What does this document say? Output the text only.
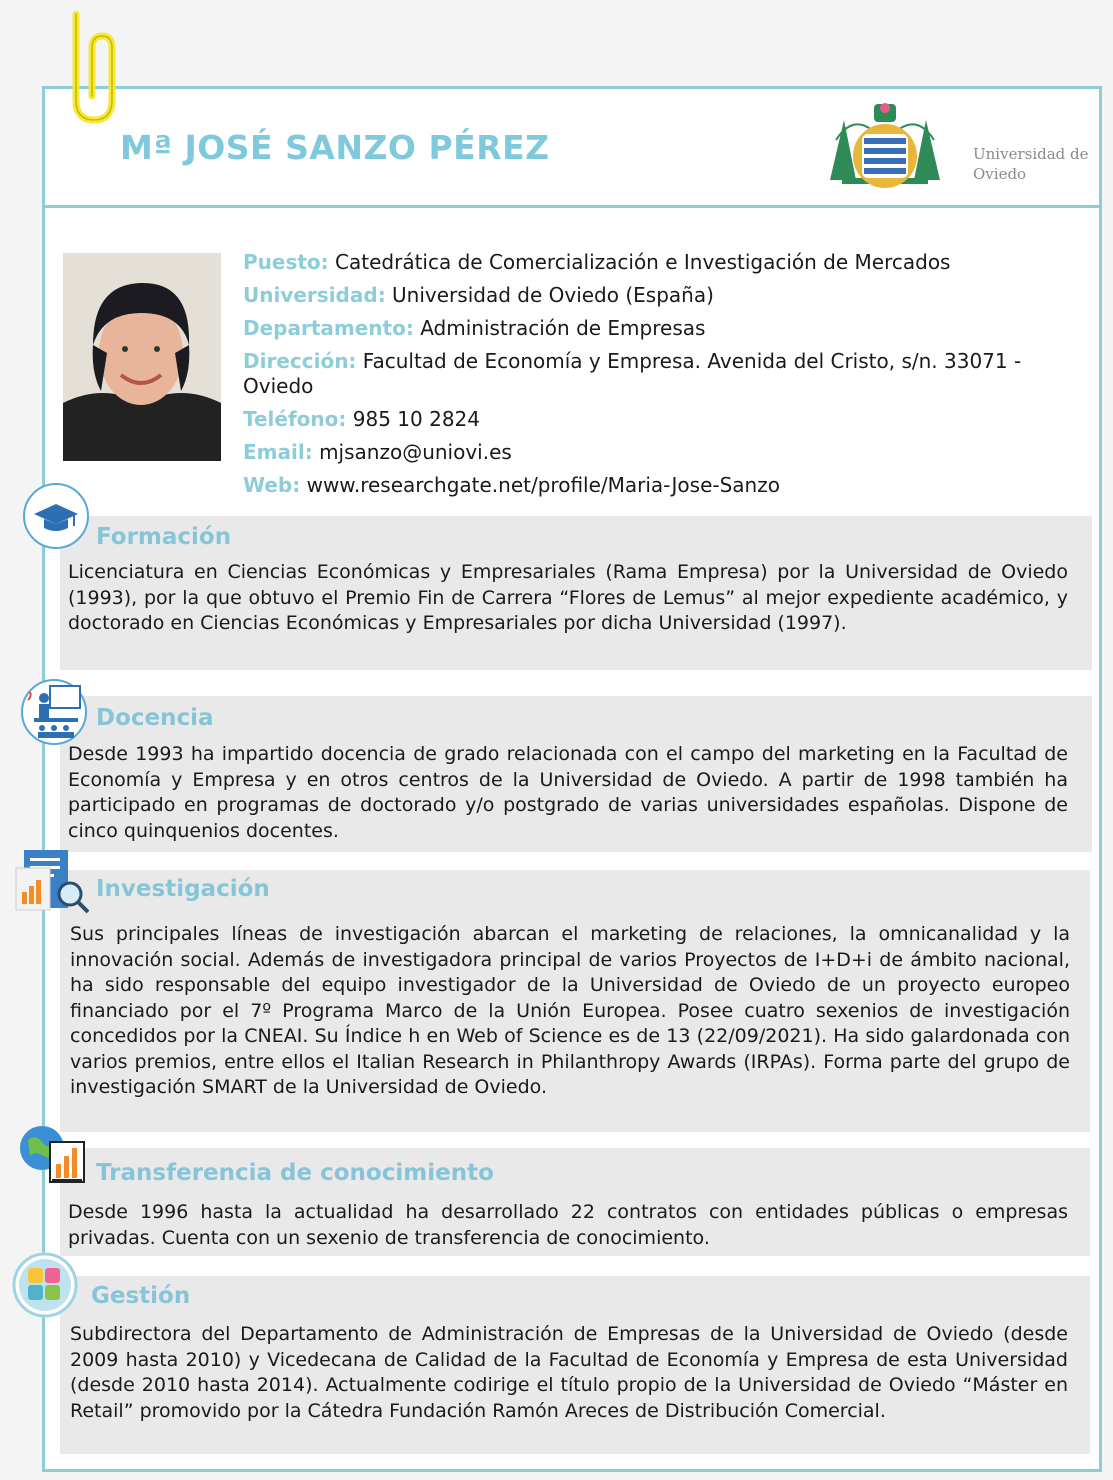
Mª JOSÉ SANZO PÉREZ	Universidad de Oviedo
Puesto: Catedrática de Comercialización e Investigación de Mercados
Universidad: Universidad de Oviedo (España)
Departamento: Administración de Empresas
Dirección: Facultad de Economía y Empresa. Avenida del Cristo, s/n. 33071 - Oviedo
Teléfono: 985 10 2824
Email: mjsanzo@uniovi.es
Web: www.researchgate.net/profile/Maria-Jose-Sanzo
Formación

Licenciatura en Ciencias Económicas y Empresariales (Rama Empresa) por la Universidad de Oviedo (1993), por la que obtuvo el Premio Fin de Carrera “Flores de Lemus” al mejor expediente académico, y doctorado en Ciencias Económicas y Empresariales por dicha Universidad (1997).

Docencia

Desde 1993 ha impartido docencia de grado relacionada con el campo del marketing en la Facultad de Economía y Empresa y en otros centros de la Universidad de Oviedo. A partir de 1998 también ha participado en programas de doctorado y/o postgrado de varias universidades españolas. Dispone de cinco quinquenios docentes.

Investigación

Sus principales líneas de investigación abarcan el marketing de relaciones, la omnicanalidad y la innovación social. Además de investigadora principal de varios Proyectos de I+D+i de ámbito nacional, ha sido responsable del equipo investigador de la Universidad de Oviedo de un proyecto europeo financiado por el 7º Programa Marco de la Unión Europea. Posee cuatro sexenios de investigación concedidos por la CNEAI. Su Índice h en Web of Science es de 13 (22/09/2021). Ha sido galardonada con varios premios, entre ellos el Italian Research in Philanthropy Awards (IRPAs). Forma parte del grupo de investigación SMART de la Universidad de Oviedo.

Transferencia de conocimiento

Desde 1996 hasta la actualidad ha desarrollado 22 contratos con entidades públicas o empresas privadas. Cuenta con un sexenio de transferencia de conocimiento.

Gestión

Subdirectora del Departamento de Administración de Empresas de la Universidad de Oviedo (desde 2009 hasta 2010) y Vicedecana de Calidad de la Facultad de Economía y Empresa de esta Universidad (desde 2010 hasta 2014). Actualmente codirige el título propio de la Universidad de Oviedo “Máster en Retail” promovido por la Cátedra Fundación Ramón Areces de Distribución Comercial.
